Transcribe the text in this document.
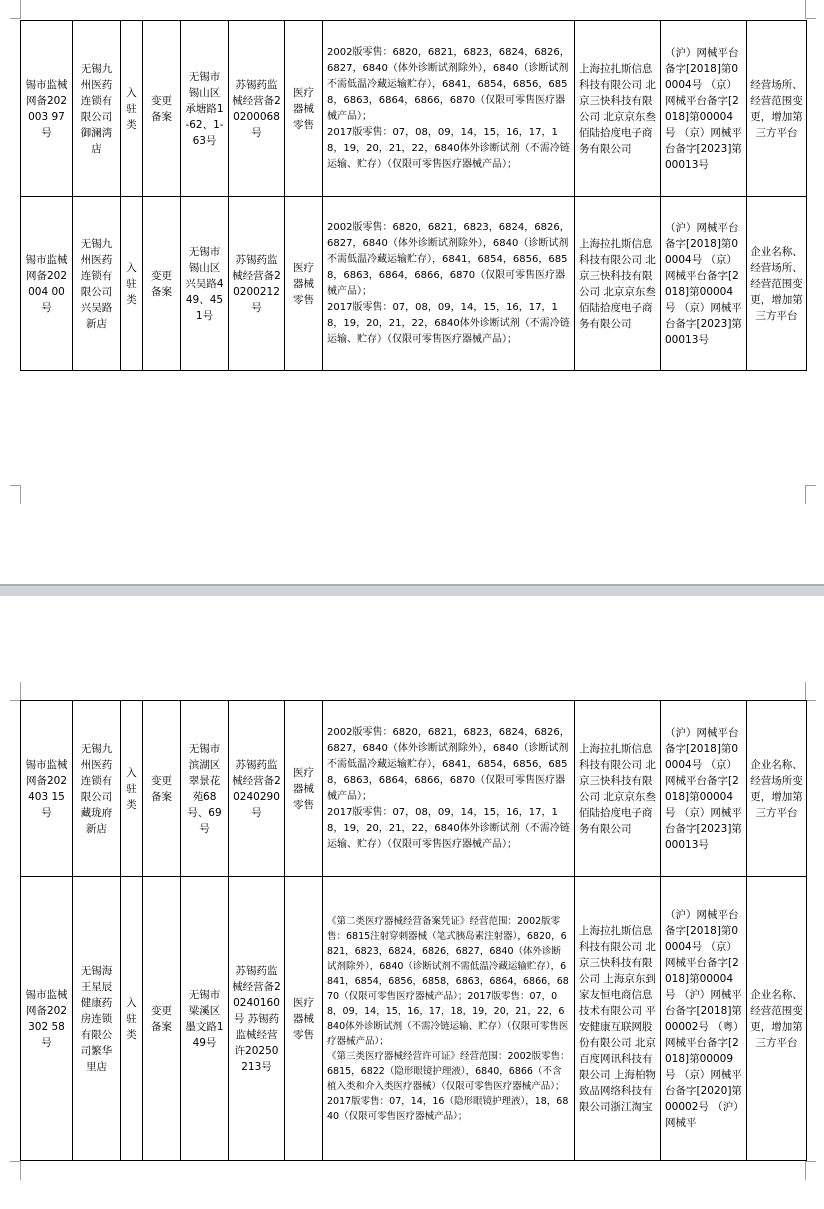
锡市监械网备202003 97号	无锡九州医药连锁有限公司御澜湾店	入驻类	变更备案	无锡市锡山区承塘路1-62、1-63号	苏锡药监械经营备20200068号	医疗器械零售	2002版零售：6820，6821，6823，6824，6826，6827，6840（体外诊断试剂除外），6840（诊断试剂不需低温冷藏运输贮存），6841，6854，6856，6858，6863，6864，6866，6870（仅限可零售医疗器械产品）；
2017版零售：07，08，09，14，15，16，17，18，19，20，21，22，6840体外诊断试剂（不需冷链运输、贮存）（仅限可零售医疗器械产品）；	上海拉扎斯信息科技有限公司 北京三快科技有限公司 北京京东叁佰陆拾度电子商务有限公司	（沪）网械平台备字[2018]第00004号 （京）网械平台备字[2018]第00004号 （京）网械平台备字[2023]第00013号	经营场所、经营范围变更，增加第三方平台
锡市监械网备202004 00号	无锡九州医药连锁有限公司兴吴路新店	入驻类	变更备案	无锡市锡山区兴吴路449、451号	苏锡药监械经营备20200212号	医疗器械零售	2002版零售：6820，6821，6823，6824，6826，6827，6840（体外诊断试剂除外），6840（诊断试剂不需低温冷藏运输贮存），6841，6854，6856，6858，6863，6864，6866，6870（仅限可零售医疗器械产品）；
2017版零售：07，08，09，14，15，16，17，18，19，20，21，22，6840体外诊断试剂（不需冷链运输、贮存）（仅限可零售医疗器械产品）；	上海拉扎斯信息科技有限公司 北京三快科技有限公司 北京京东叁佰陆拾度电子商务有限公司	（沪）网械平台备字[2018]第00004号 （京）网械平台备字[2018]第00004号 （京）网械平台备字[2023]第00013号	企业名称、经营场所、经营范围变更，增加第三方平台
锡市监械网备202403 15号	无锡九州医药连锁有限公司藏珑府新店	入驻类	变更备案	无锡市滨湖区翠景花苑68号、69号	苏锡药监械经营备20240290号	医疗器械零售	2002版零售：6820，6821，6823，6824，6826，6827，6840（体外诊断试剂除外），6840（诊断试剂不需低温冷藏运输贮存），6841，6854，6856，6858，6863，6864，6866，6870（仅限可零售医疗器械产品）；
2017版零售：07，08，09，14，15，16，17，18，19，20，21，22，6840体外诊断试剂（不需冷链运输、贮存）（仅限可零售医疗器械产品）；	上海拉扎斯信息科技有限公司 北京三快科技有限公司 北京京东叁佰陆拾度电子商务有限公司	（沪）网械平台备字[2018]第00004号 （京）网械平台备字[2018]第00004号 （京）网械平台备字[2023]第00013号	企业名称、经营场所变更，增加第三方平台
锡市监械网备202302 58号	无锡海王星辰健康药房连锁有限公司繁华里店	入驻类	变更备案	无锡市梁溪区墨文路149号	苏锡药监械经营备20240160号 苏锡药监械经营许20250213号	医疗器械零售	《第二类医疗器械经营备案凭证》经营范围：2002版零售：6815注射穿刺器械（笔式胰岛素注射器），6820，6821，6823，6824，6826，6827，6840（体外诊断试剂除外），6840（诊断试剂不需低温冷藏运输贮存），6841，6854，6856，6858，6863，6864，6866，6870（仅限可零售医疗器械产品）；2017版零售：07，08，09，14，15，16，17，18，19，20，21，22，6840体外诊断试剂（不需冷链运输、贮存）（仅限可零售医疗器械产品）；
《第三类医疗器械经营许可证》经营范围：2002版零售：6815，6822（隐形眼镜护理液），6840，6866（不含植入类和介入类医疗器械）（仅限可零售医疗器械产品）；2017版零售：07，14，16（隐形眼镜护理液），18，6840（仅限可零售医疗器械产品）；	上海拉扎斯信息科技有限公司 北京三快科技有限公司 上海京东到家友恒电商信息技术有限公司 平安健康互联网股份有限公司 北京百度网讯科技有限公司 上海柏物致品网络科技有限公司浙江淘宝	（沪）网械平台备字[2018]第00004号 （京）网械平台备字[2018]第00004号 （沪）网械平台备字[2018]第00002号 （粤）网械平台备字[2018]第00009号 （京）网械平台备字[2020]第00002号 （沪）网械平	企业名称、经营范围变更，增加第三方平台
